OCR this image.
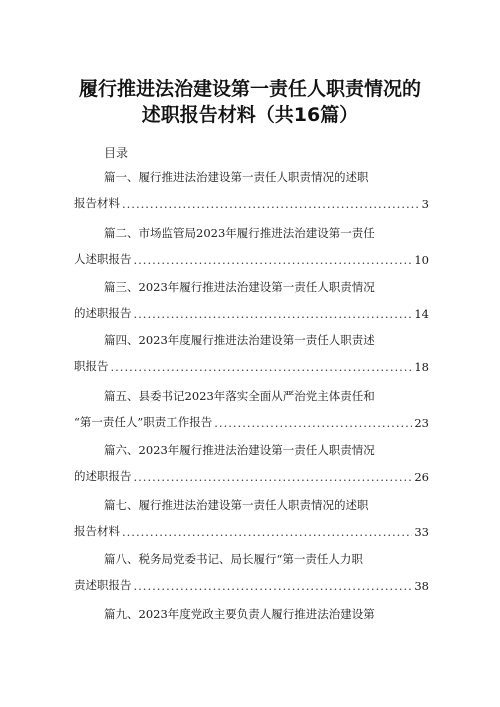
履行推进法治建设第一责任人职责情况的
述职报告材料（共16篇）
目录
篇一、履行推进法治建设第一责任人职责情况的述职
报告材料 .....	3
篇二、市场监管局2023年履行推进法治建设第一责任
人述职报告 .....	10
篇三、2023年履行推进法治建设第一责任人职责情况
的述职报告 .....	14
篇四、2023年度履行推进法治建设第一责任人职责述
职报告 .....	18
篇五、县委书记2023年落实全面从严治党主体责任和
“第一责任人”职责工作报告 .....	23
篇六、2023年履行推进法治建设第一责任人职责情况
的述职报告 .....	26
篇七、履行推进法治建设第一责任人职责情况的述职
报告材料 .....	33
篇八、税务局党委书记、局长履行“第一责任人力职
责述职报告 .....	38
篇九、2023年度党政主要负责人履行推进法治建设第
